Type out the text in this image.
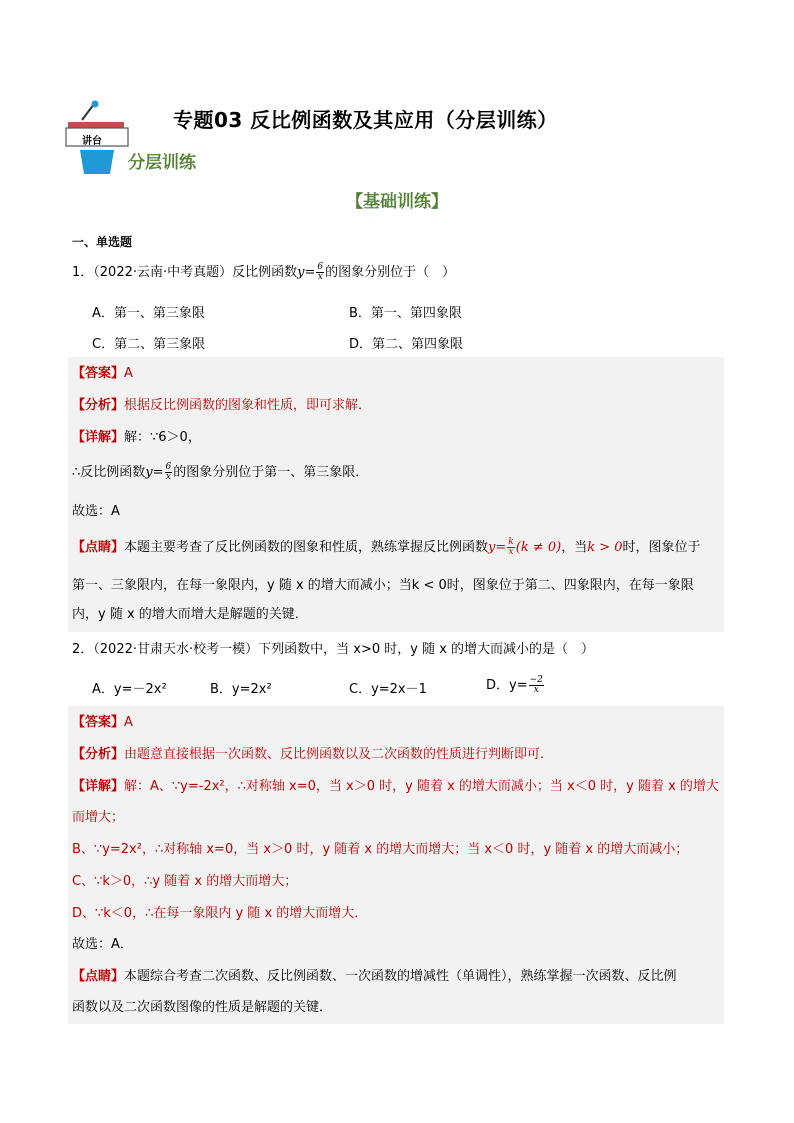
讲台
专题03 反比例函数及其应用（分层训练）
分层训练
【基础训练】
一、单选题
1．（2022·云南·中考真题）反比例函数$y= \frac{6}{x}$ 的图象分别位于（　）
A．第一、第三象限	B．第一、第四象限
C．第二、第三象限	D．第二、第四象限
【答案】A
【分析】根据反比例函数的图象和性质，即可求解．
【详解】解：∵6＞0，
∴反比例函数$y= \frac{6}{x}$ 的图象分别位于第一、第三象限．
故选：A
【点睛】本题主要考查了反比例函数的图象和性质，熟练掌握反比例函数$y= \frac{k}{x} (k \ne 0)$，当k > 0时，图象位于
第一、三象限内，在每一象限内，y 随 x 的增大而减小；当k < 0时，图象位于第二、四象限内，在每一象限
内，y 随 x 的增大而增大是解题的关键．
2．（2022·甘肃天水·校考一模）下列函数中，当 x>0 时，y 随 x 的增大而减小的是（　）
A．y=－2x²	B．y=2x²	C．y=2x－1	D．$y= \frac{-2}{x}$
【答案】A
【分析】由题意直接根据一次函数、反比例函数以及二次函数的性质进行判断即可．
【详解】解：A、∵y=-2x²，∴对称轴 x=0，当 x＞0 时，y 随着 x 的增大而减小；当 x＜0 时，y 随着 x 的增大
而增大；
B、∵y=2x²，∴对称轴 x=0，当 x＞0 时，y 随着 x 的增大而增大；当 x＜0 时，y 随着 x 的增大而减小；
C、∵k＞0，∴y 随着 x 的增大而增大；
D、∵k＜0，∴在每一象限内 y 随 x 的增大而增大．
故选：A．
【点睛】本题综合考查二次函数、反比例函数、一次函数的增减性（单调性），熟练掌握一次函数、反比例
函数以及二次函数图像的性质是解题的关键．
